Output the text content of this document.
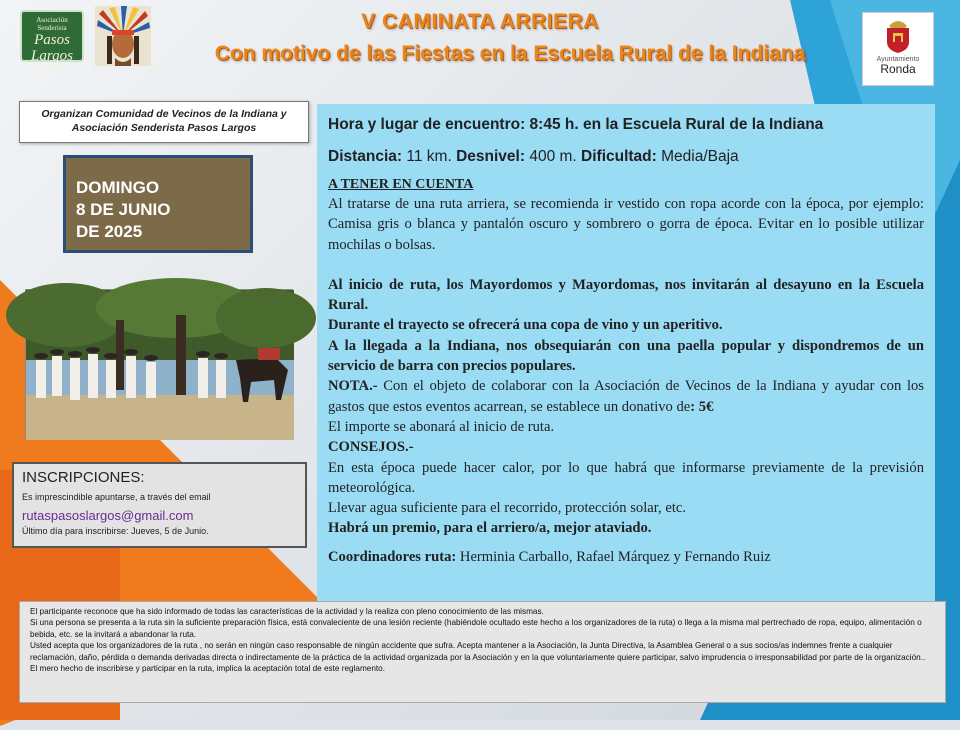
Asociación Senderista
Pasos
Largos
Ronda
V CAMINATA ARRIERA
Con motivo de las Fiestas en la Escuela Rural de la Indiana	Ayuntamiento
Ronda
Organizan Comunidad de Vecinos de la Indiana y Asociación Senderista Pasos Largos
DOMINGO
8 DE JUNIO
DE 2025
INSCRIPCIONES:
Es imprescindible apuntarse, a través del email
rutaspasoslargos@gmail.com
Último día para inscribirse: Jueves, 5 de Junio.
Hora y lugar de encuentro: 8:45 h. en la Escuela Rural de la Indiana
Distancia: 11 km. Desnivel: 400 m. Dificultad: Media/Baja
A TENER EN CUENTA
Al tratarse de una ruta arriera, se recomienda ir vestido con ropa acorde con la época, por ejemplo: Camisa gris o blanca y pantalón oscuro y sombrero o gorra de época. Evitar en lo posible utilizar mochilas o bolsas.
Al inicio de ruta, los Mayordomos y Mayordomas, nos invitarán al desayuno en la Escuela Rural.
Durante el trayecto se ofrecerá una copa de vino y un aperitivo.
A la llegada a la Indiana, nos obsequiarán con una paella popular y dispondremos de un servicio de barra con precios populares.
NOTA.- Con el objeto de colaborar con la Asociación de Vecinos de la Indiana y ayudar con los gastos que estos eventos acarrean, se establece un donativo de: 5€
El importe se abonará al inicio de ruta.
CONSEJOS.-
En esta época puede hacer calor, por lo que habrá que informarse previamente de la previsión meteorológica.
Llevar agua suficiente para el recorrido, protección solar, etc.
Habrá un premio, para el arriero/a, mejor ataviado.
Coordinadores ruta: Herminia Carballo, Rafael Márquez y Fernando Ruiz
El participante reconoce que ha sido informado de todas las características de la actividad y la realiza con pleno conocimiento de las mismas.
Si una persona se presenta a la ruta sin la suficiente preparación física, está convaleciente de una lesión reciente (habiéndole ocultado este hecho a los organizadores de la ruta) o llega a la misma mal pertrechado de ropa, equipo, alimentación o bebida, etc. se la invitará a abandonar la ruta.
Usted acepta que los organizadores de la ruta , no serán en ningún caso responsable de ningún accidente que sufra. Acepta mantener a la Asociación, la Junta Directiva, la Asamblea General o a sus socios/as indemnes frente a cualquier reclamación, daño, pérdida o demanda derivadas directa o indirectamente de la práctica de la actividad organizada por la Asociación y en la que voluntariamente quiere participar, salvo imprudencia o irresponsabilidad por parte de la organización..
El mero hecho de inscribirse y participar en la ruta, implica la aceptación total de este reglamento.
